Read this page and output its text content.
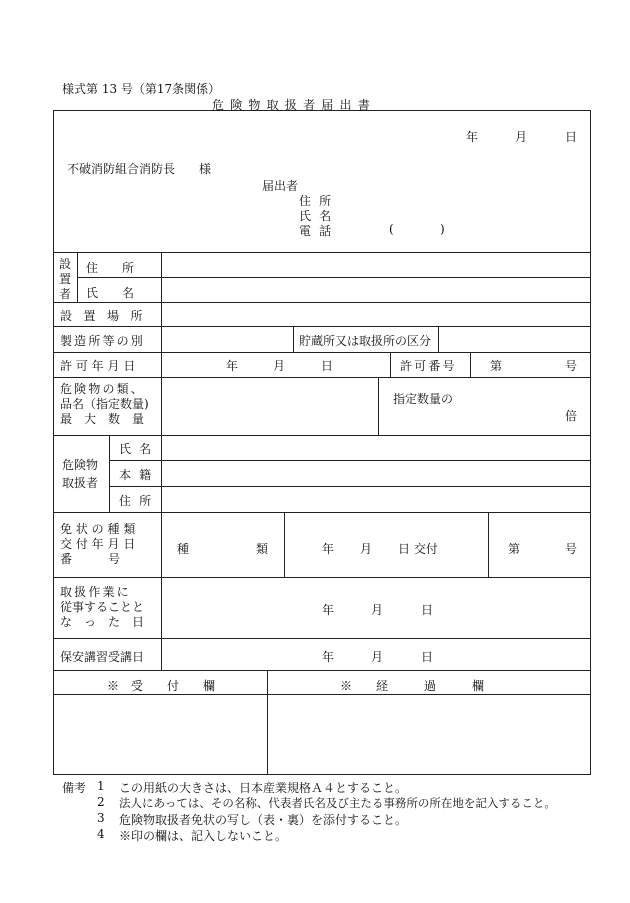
様式第 13 号（第17条関係）
危 険 物 取 扱 者 届 出 書
年	月	日
不破消防組合消防長　　様
届出者
住 所
氏 名
電 話	(	)
設
置
者
住　　所
氏　　名
設 置 場 所
製造所等の別	貯蔵所又は取扱所の区分
許可年月日	年	月	日	許可番号	第	号
危険物の類、
品名（指定数量)
最　大　数　量
指定数量の
倍
危険物
取扱者
氏 名
本 籍
住 所
免状の種類
交付年月日
番　　　号
種	類	年 月 日 交付	第	号
取扱作業に
従事することと
な　っ　た　日
年	月	日
保安講習受講日	年	月	日
※　受　　付　　欄	※　　経　　　過　　　欄
備考 1 この用紙の大きさは、日本産業規格Ａ４とすること。
2 法人にあっては、その名称、代表者氏名及び主たる事務所の所在地を記入すること。
3 危険物取扱者免状の写し（表・裏）を添付すること。
4 ※印の欄は、記入しないこと。
